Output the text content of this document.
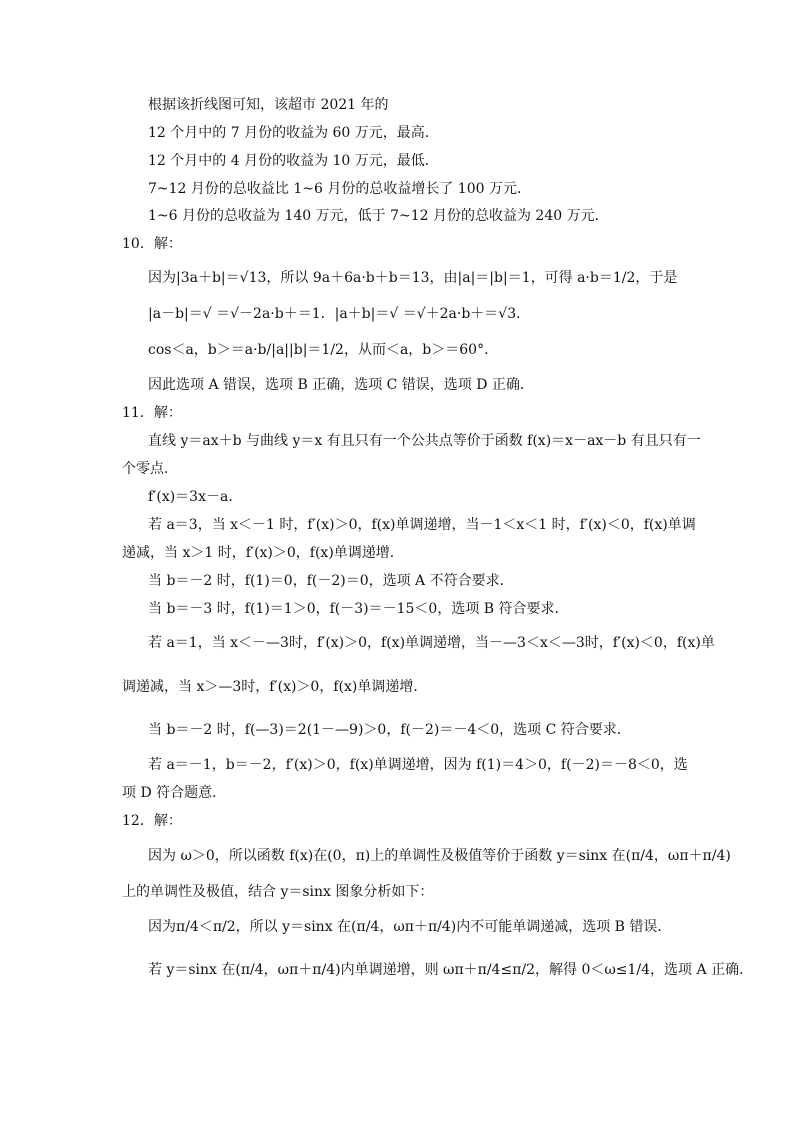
根据该折线图可知，该超市 2021 年的
12 个月中的 7 月份的收益为 60 万元，最高．
12 个月中的 4 月份的收益为 10 万元，最低．
7~12 月份的总收益比 1~6 月份的总收益增长了 100 万元．
1~6 月份的总收益为 140 万元，低于 7~12 月份的总收益为 240 万元．
10．解：
因为|3a＋b|＝√13，所以 9a＋6a·b＋b＝13，由|a|＝|b|＝1，可得 a·b＝1/2，于是
|a－b|＝√ ＝√－2a·b＋＝1．|a＋b|＝√ ＝√＋2a·b＋＝√3．
cos＜a，b＞＝a·b/|a||b|＝1/2，从而＜a，b＞＝60°．
因此选项 A 错误，选项 B 正确，选项 C 错误，选项 D 正确．
11．解：
直线 y＝ax＋b 与曲线 y＝x 有且只有一个公共点等价于函数 f(x)＝x－ax－b 有且只有一
个零点．
f′(x)＝3x－a．
若 a＝3，当 x＜－1 时，f′(x)＞0，f(x)单调递增，当－1＜x＜1 时，f′(x)＜0，f(x)单调
递减，当 x＞1 时，f′(x)＞0，f(x)单调递增．
当 b＝－2 时，f(1)＝0，f(－2)＝0，选项 A 不符合要求．
当 b＝－3 时，f(1)＝1＞0，f(－3)＝－15＜0，选项 B 符合要求．
若 a＝1，当 x＜－—3时，f′(x)＞0，f(x)单调递增，当－—3＜x＜—3时，f′(x)＜0，f(x)单
调递减，当 x＞—3时，f′(x)＞0，f(x)单调递增．
当 b＝－2 时，f(—3)＝2(1－—9)＞0，f(－2)＝－4＜0，选项 C 符合要求．
若 a＝－1，b＝－2，f′(x)＞0，f(x)单调递增，因为 f(1)＝4＞0，f(－2)＝－8＜0，选
项 D 符合题意．
12．解：
因为 ω＞0，所以函数 f(x)在(0，π)上的单调性及极值等价于函数 y＝sinx 在(π/4，ωπ＋π/4)
上的单调性及极值，结合 y＝sinx 图象分析如下：
因为π/4＜π/2，所以 y＝sinx 在(π/4，ωπ＋π/4)内不可能单调递减，选项 B 错误．
若 y＝sinx 在(π/4，ωπ＋π/4)内单调递增，则 ωπ＋π/4≤π/2，解得 0＜ω≤1/4，选项 A 正确．
